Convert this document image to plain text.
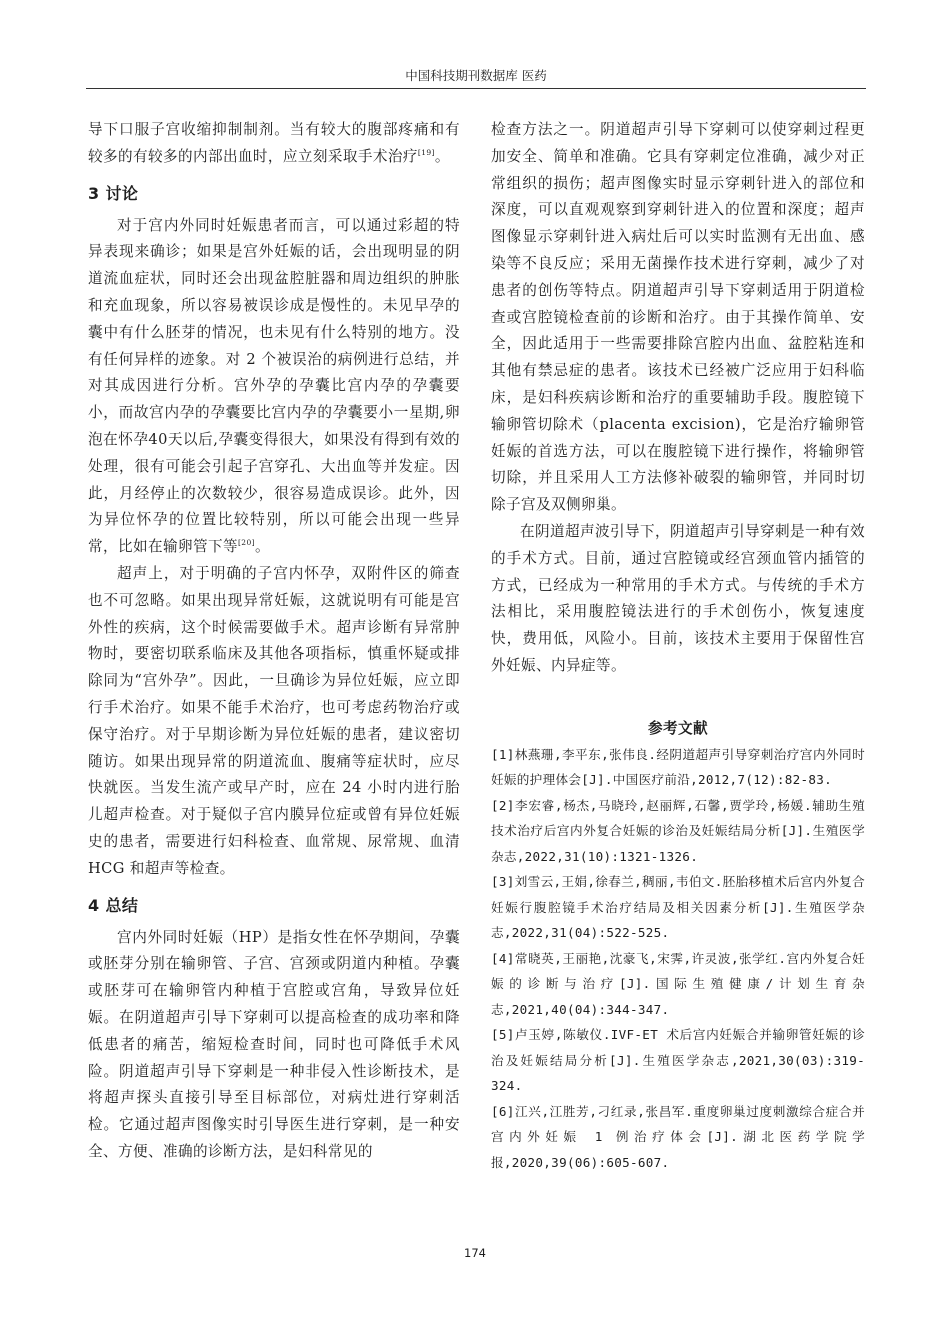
中国科技期刊数据库 医药

导下口服子宫收缩抑制制剂。当有较大的腹部疼痛和有较多的有较多的内部出血时，应立刻采取手术治疗[19]。

3 讨论

对于宫内外同时妊娠患者而言，可以通过彩超的特异表现来确诊；如果是宫外妊娠的话，会出现明显的阴道流血症状，同时还会出现盆腔脏器和周边组织的肿胀和充血现象，所以容易被误诊成是慢性的。未见早孕的囊中有什么胚芽的情况，也未见有什么特别的地方。没有任何异样的迹象。对 2 个被误治的病例进行总结，并对其成因进行分析。宫外孕的孕囊比宫内孕的孕囊要小，而故宫内孕的孕囊要比宫内孕的孕囊要小一星期,卵泡在怀孕40天以后,孕囊变得很大，如果没有得到有效的处理，很有可能会引起子宫穿孔、大出血等并发症。因此，月经停止的次数较少，很容易造成误诊。此外，因为异位怀孕的位置比较特别，所以可能会出现一些异常，比如在输卵管下等[20]。

超声上，对于明确的子宫内怀孕，双附件区的筛查也不可忽略。如果出现异常妊娠，这就说明有可能是宫外性的疾病，这个时候需要做手术。超声诊断有异常肿物时，要密切联系临床及其他各项指标，慎重怀疑或排除同为“宫外孕”。因此，一旦确诊为异位妊娠，应立即行手术治疗。如果不能手术治疗，也可考虑药物治疗或保守治疗。对于早期诊断为异位妊娠的患者，建议密切随访。如果出现异常的阴道流血、腹痛等症状时，应尽快就医。当发生流产或早产时，应在 24 小时内进行胎儿超声检查。对于疑似子宫内膜异位症或曾有异位妊娠史的患者，需要进行妇科检查、血常规、尿常规、血清 HCG 和超声等检查。

4 总结

宫内外同时妊娠（HP）是指女性在怀孕期间，孕囊或胚芽分别在输卵管、子宫、宫颈或阴道内种植。孕囊或胚芽可在输卵管内种植于宫腔或宫角，导致异位妊娠。在阴道超声引导下穿刺可以提高检查的成功率和降低患者的痛苦，缩短检查时间，同时也可降低手术风险。阴道超声引导下穿刺是一种非侵入性诊断技术，是将超声探头直接引导至目标部位，对病灶进行穿刺活检。它通过超声图像实时引导医生进行穿刺，是一种安全、方便、准确的诊断方法，是妇科常见的

检查方法之一。阴道超声引导下穿刺可以使穿刺过程更加安全、简单和准确。它具有穿刺定位准确，减少对正常组织的损伤；超声图像实时显示穿刺针进入的部位和深度，可以直观观察到穿刺针进入的位置和深度；超声图像显示穿刺针进入病灶后可以实时监测有无出血、感染等不良反应；采用无菌操作技术进行穿刺，减少了对患者的创伤等特点。阴道超声引导下穿刺适用于阴道检查或宫腔镜检查前的诊断和治疗。由于其操作简单、安全，因此适用于一些需要排除宫腔内出血、盆腔粘连和其他有禁忌症的患者。该技术已经被广泛应用于妇科临床，是妇科疾病诊断和治疗的重要辅助手段。腹腔镜下输卵管切除术（placenta excision)，它是治疗输卵管妊娠的首选方法，可以在腹腔镜下进行操作，将输卵管切除，并且采用人工方法修补破裂的输卵管，并同时切除子宫及双侧卵巢。

在阴道超声波引导下，阴道超声引导穿刺是一种有效的手术方式。目前，通过宫腔镜或经宫颈血管内插管的方式，已经成为一种常用的手术方式。与传统的手术方法相比，采用腹腔镜法进行的手术创伤小，恢复速度快，费用低，风险小。目前，该技术主要用于保留性宫外妊娠、内异症等。

参考文献

[1]林燕珊,李平东,张伟良.经阴道超声引导穿刺治疗宫内外同时妊娠的护理体会[J].中国医疗前沿,2012,7(12):82-83.

[2]李宏睿,杨杰,马晓玲,赵丽辉,石馨,贾学玲,杨媛.辅助生殖技术治疗后宫内外复合妊娠的诊治及妊娠结局分析[J].生殖医学杂志,2022,31(10):1321-1326.

[3]刘雪云,王娟,徐春兰,稠丽,韦伯文.胚胎移植术后宫内外复合妊娠行腹腔镜手术治疗结局及相关因素分析[J].生殖医学杂志,2022,31(04):522-525.

[4]常晓英,王丽艳,沈豪飞,宋霁,许灵波,张学红.宫内外复合妊娠的诊断与治疗[J].国际生殖健康/计划生育杂志,2021,40(04):344-347.

[5]卢玉婷,陈敏仪.IVF-ET 术后宫内妊娠合并输卵管妊娠的诊治及妊娠结局分析[J].生殖医学杂志,2021,30(03):319-324.

[6]江兴,江胜芳,刁红录,张昌军.重度卵巢过度刺激综合症合并宫内外妊娠 1 例治疗体会[J].湖北医药学院学报,2020,39(06):605-607.

174
